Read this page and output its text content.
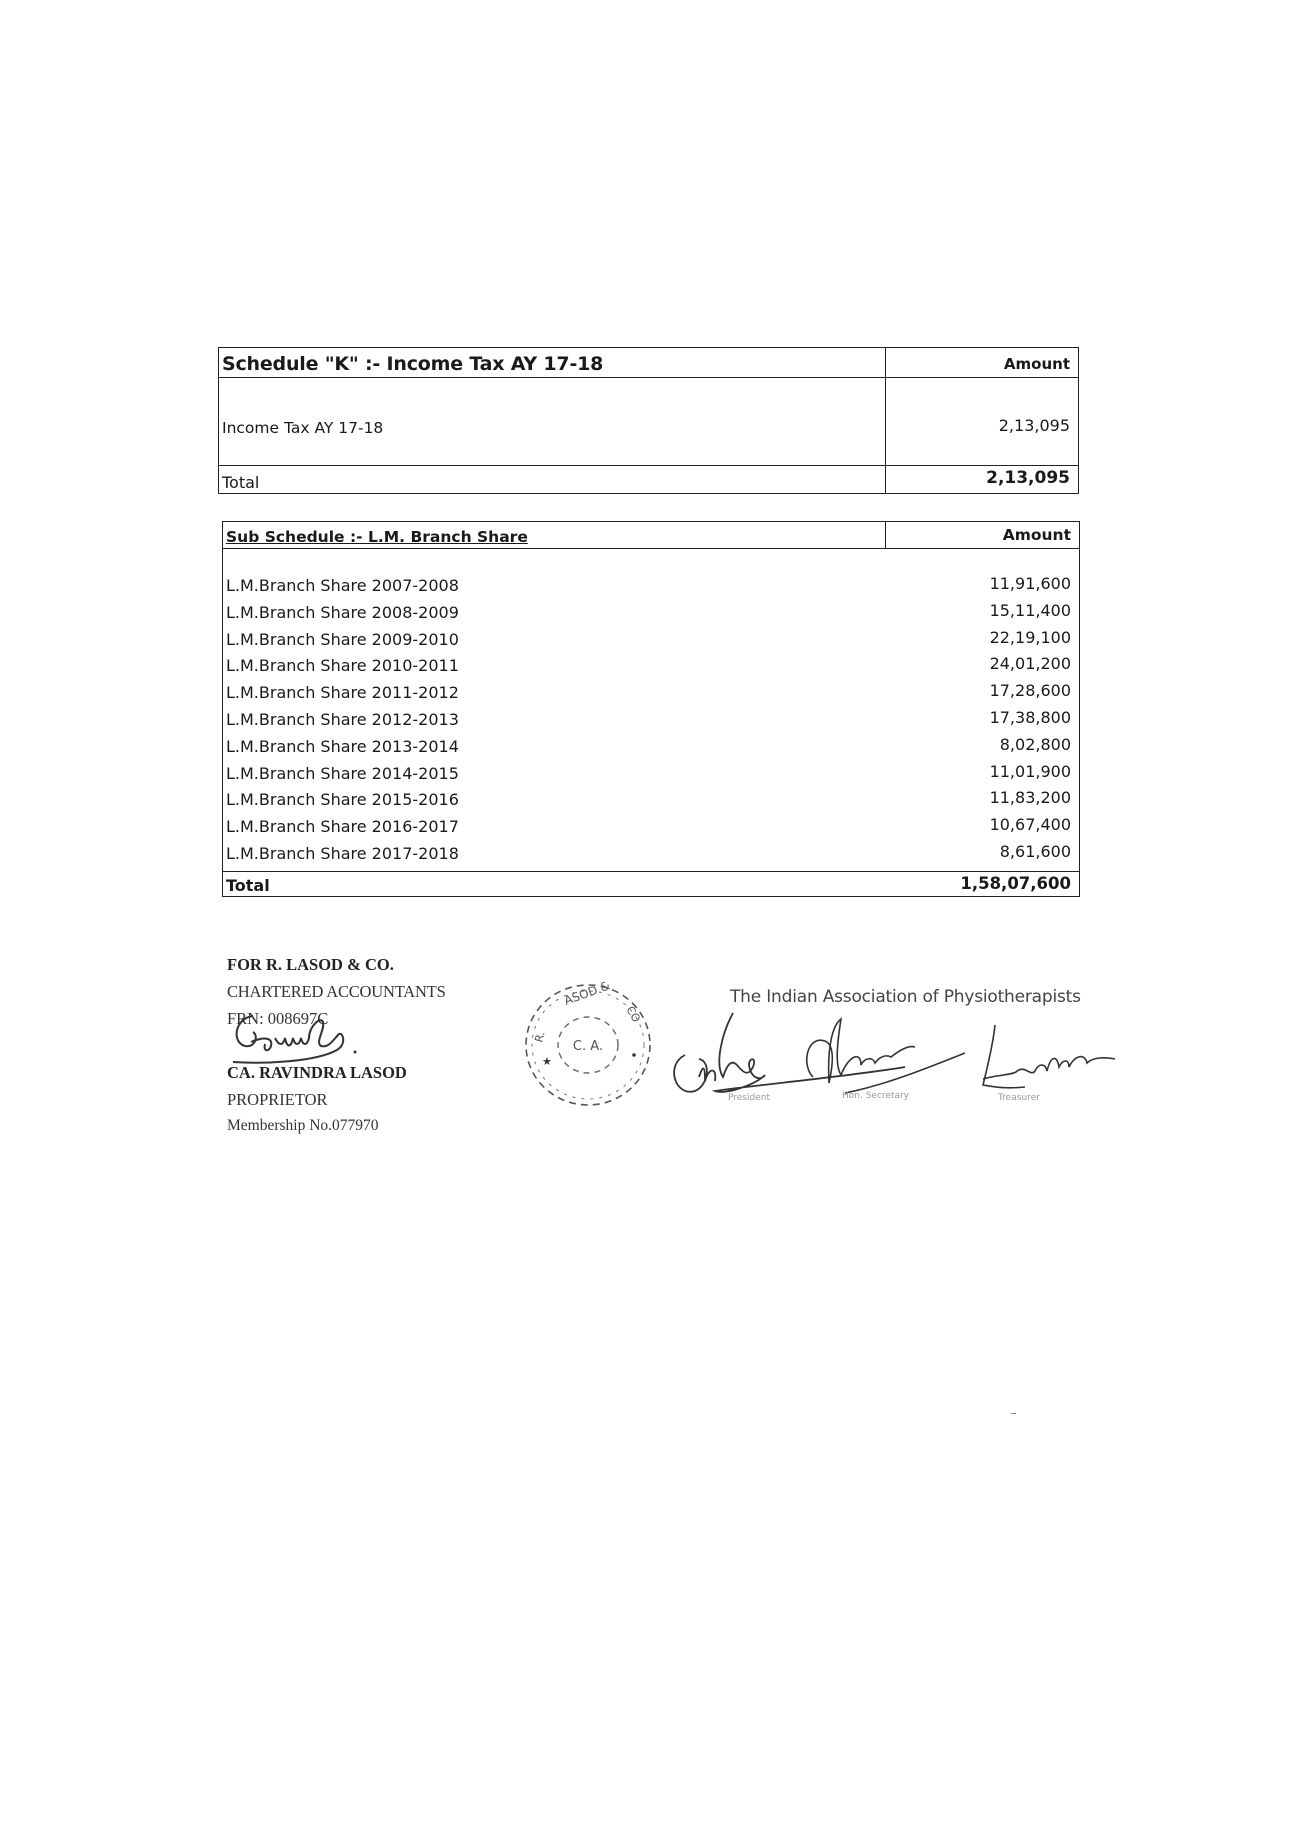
Schedule "K" :- Income Tax AY 17-18	Amount
Income Tax AY 17-18	2,13,095
Total	2,13,095
Sub Schedule :- L.M. Branch Share	Amount
L.M.Branch Share 2007-2008	11,91,600
L.M.Branch Share 2008-2009	15,11,400
L.M.Branch Share 2009-2010	22,19,100
L.M.Branch Share 2010-2011	24,01,200
L.M.Branch Share 2011-2012	17,28,600
L.M.Branch Share 2012-2013	17,38,800
L.M.Branch Share 2013-2014	8,02,800
L.M.Branch Share 2014-2015	11,01,900
L.M.Branch Share 2015-2016	11,83,200
L.M.Branch Share 2016-2017	10,67,400
L.M.Branch Share 2017-2018	8,61,600
Total	1,58,07,600
FOR R. LASOD & CO.
CHARTERED ACCOUNTANTS
FRN: 008697C
CA. RAVINDRA LASOD
PROPRIETOR
Membership No.077970
C. A.
ASOD &
R.
CO
★
The Indian Association of Physiotherapists
President	Hon. Secretary	Treasurer
